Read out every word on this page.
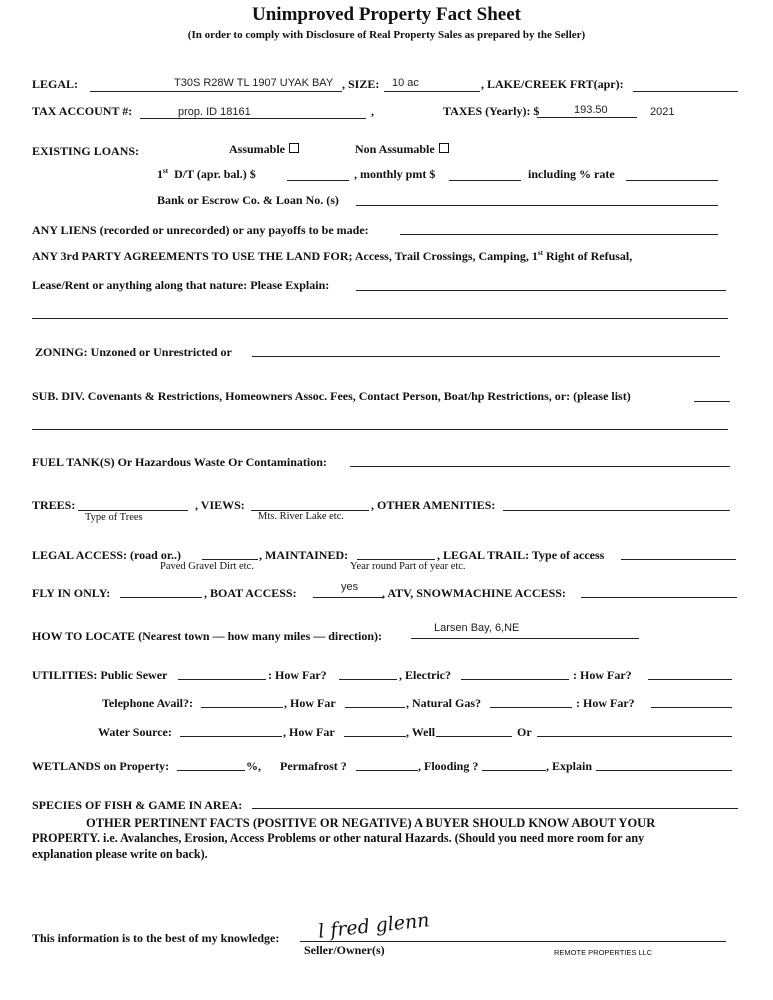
Unimproved Property Fact Sheet
(In order to comply with Disclosure of Real Property Sales as prepared by the Seller)
LEGAL:	T30S R28W TL 1907 UYAK BAY , SIZE: 10 ac	, LAKE/CREEK FRT(apr):
TAX ACCOUNT #:	prop. ID 18161	,	TAXES (Yearly): $	193.50	2021
EXISTING LOANS:	Assumable	Non Assumable
1st D/T (apr. bal.) $	, monthly pmt $	including % rate
Bank or Escrow Co. & Loan No. (s)
ANY LIENS (recorded or unrecorded) or any payoffs to be made:
ANY 3rd PARTY AGREEMENTS TO USE THE LAND FOR; Access, Trail Crossings, Camping, 1st Right of Refusal,
Lease/Rent or anything along that nature: Please Explain:
ZONING: Unzoned or Unrestricted or
SUB. DIV. Covenants & Restrictions, Homeowners Assoc. Fees, Contact Person, Boat/hp Restrictions, or: (please list)
FUEL TANK(S) Or Hazardous Waste Or Contamination:
TREES:	, VIEWS:	, OTHER AMENITIES:
Type of Trees	Mts. River Lake etc.
LEGAL ACCESS: (road or..)	, MAINTAINED:	, LEGAL TRAIL: Type of access
Paved Gravel Dirt etc.	Year round Part of year etc.
FLY IN ONLY:	, BOAT ACCESS:	yes , ATV, SNOWMACHINE ACCESS:
HOW TO LOCATE (Nearest town — how many miles — direction):
Larsen Bay, 6,NE
UTILITIES: Public Sewer	: How Far?	, Electric?	: How Far?
Telephone Avail?:	, How Far	, Natural Gas?	: How Far?
Water Source:	, How Far	, Well	Or
WETLANDS on Property:	%, Permafrost ?	, Flooding ?	, Explain
SPECIES OF FISH & GAME IN AREA:
OTHER PERTINENT FACTS (POSITIVE OR NEGATIVE) A BUYER SHOULD KNOW ABOUT YOUR
PROPERTY. i.e. Avalanches, Erosion, Access Problems or other natural Hazards. (Should you need more room for any
explanation please write on back).
This information is to the best of my knowledge: l fred glenn
Seller/Owner(s)	REMOTE PROPERTIES LLC
